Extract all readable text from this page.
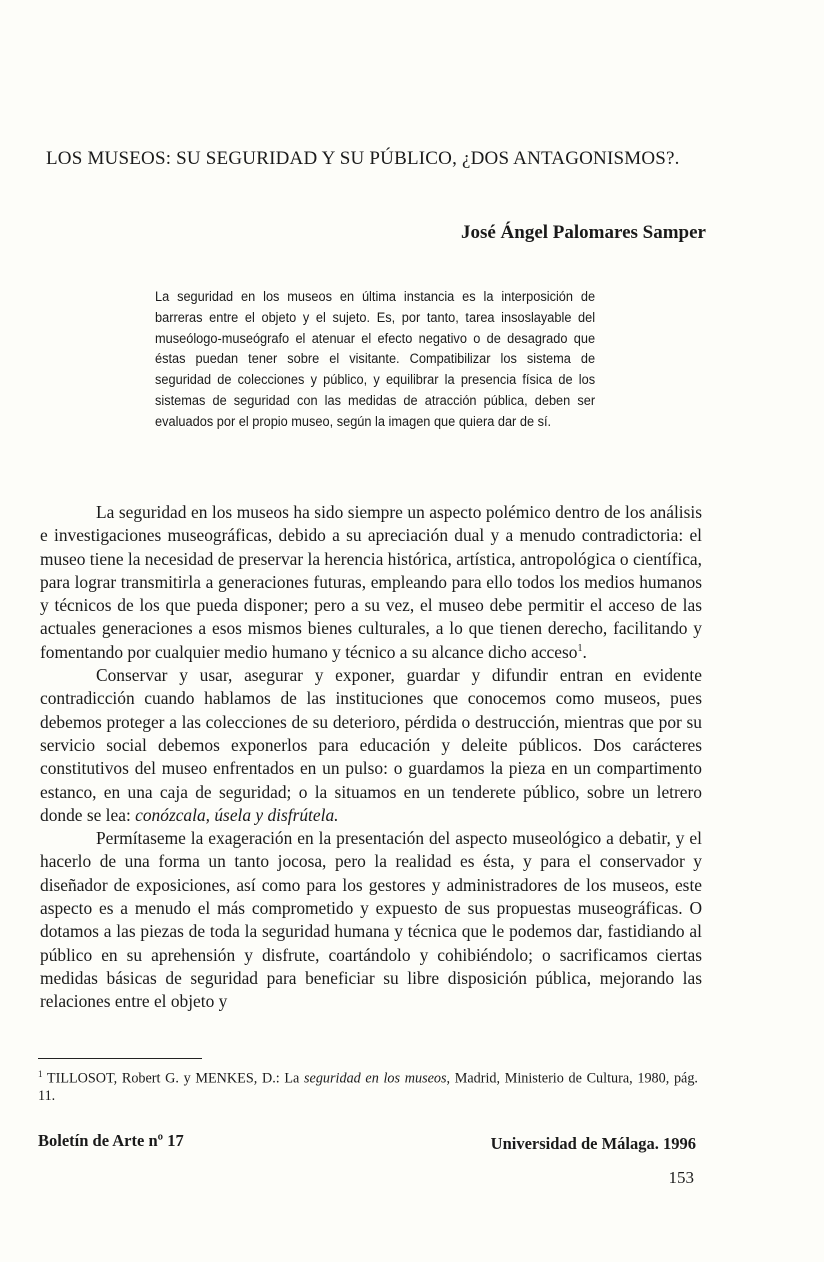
LOS MUSEOS: SU SEGURIDAD Y SU PÚBLICO, ¿DOS ANTAGONISMOS?.
José Ángel Palomares Samper
La seguridad en los museos en última instancia es la interposición de barreras entre el objeto y el sujeto. Es, por tanto, tarea insoslayable del museólogo-museógrafo el atenuar el efecto negativo o de desagrado que éstas puedan tener sobre el visitante. Compatibilizar los sistema de seguridad de colecciones y público, y equilibrar la presencia física de los sistemas de seguridad con las medidas de atracción pública, deben ser evaluados por el propio museo, según la imagen que quiera dar de sí.

La seguridad en los museos ha sido siempre un aspecto polémico dentro de los análisis e investigaciones museográficas, debido a su apreciación dual y a menudo contradictoria: el museo tiene la necesidad de preservar la herencia histórica, artística, antropológica o científica, para lograr transmitirla a generaciones futuras, empleando para ello todos los medios humanos y técnicos de los que pueda disponer; pero a su vez, el museo debe permitir el acceso de las actuales generaciones a esos mismos bienes culturales, a lo que tienen derecho, facilitando y fomentando por cualquier medio humano y técnico a su alcance dicho acceso$^1$.

Conservar y usar, asegurar y exponer, guardar y difundir entran en evidente contradicción cuando hablamos de las instituciones que conocemos como museos, pues debemos proteger a las colecciones de su deterioro, pérdida o destrucción, mientras que por su servicio social debemos exponerlos para educación y deleite públicos. Dos carácteres constitutivos del museo enfrentados en un pulso: o guardamos la pieza en un compartimento estanco, en una caja de seguridad; o la situamos en un tenderete público, sobre un letrero donde se lea: conózcala, úsela y disfrútela.

Permítaseme la exageración en la presentación del aspecto museológico a debatir, y el hacerlo de una forma un tanto jocosa, pero la realidad es ésta, y para el conservador y diseñador de exposiciones, así como para los gestores y administradores de los museos, este aspecto es a menudo el más comprometido y expuesto de sus propuestas museográficas. O dotamos a las piezas de toda la seguridad humana y técnica que le podemos dar, fastidiando al público en su aprehensión y disfrute, coartándolo y cohibiéndolo; o sacrificamos ciertas medidas básicas de seguridad para beneficiar su libre disposición pública, mejorando las relaciones entre el objeto y

$^1$ TILLOSOT, Robert G. y MENKES, D.: La seguridad en los museos, Madrid, Ministerio de Cultura, 1980, pág. 11.
Boletín de Arte nº 17	Universidad de Málaga. 1996
153
